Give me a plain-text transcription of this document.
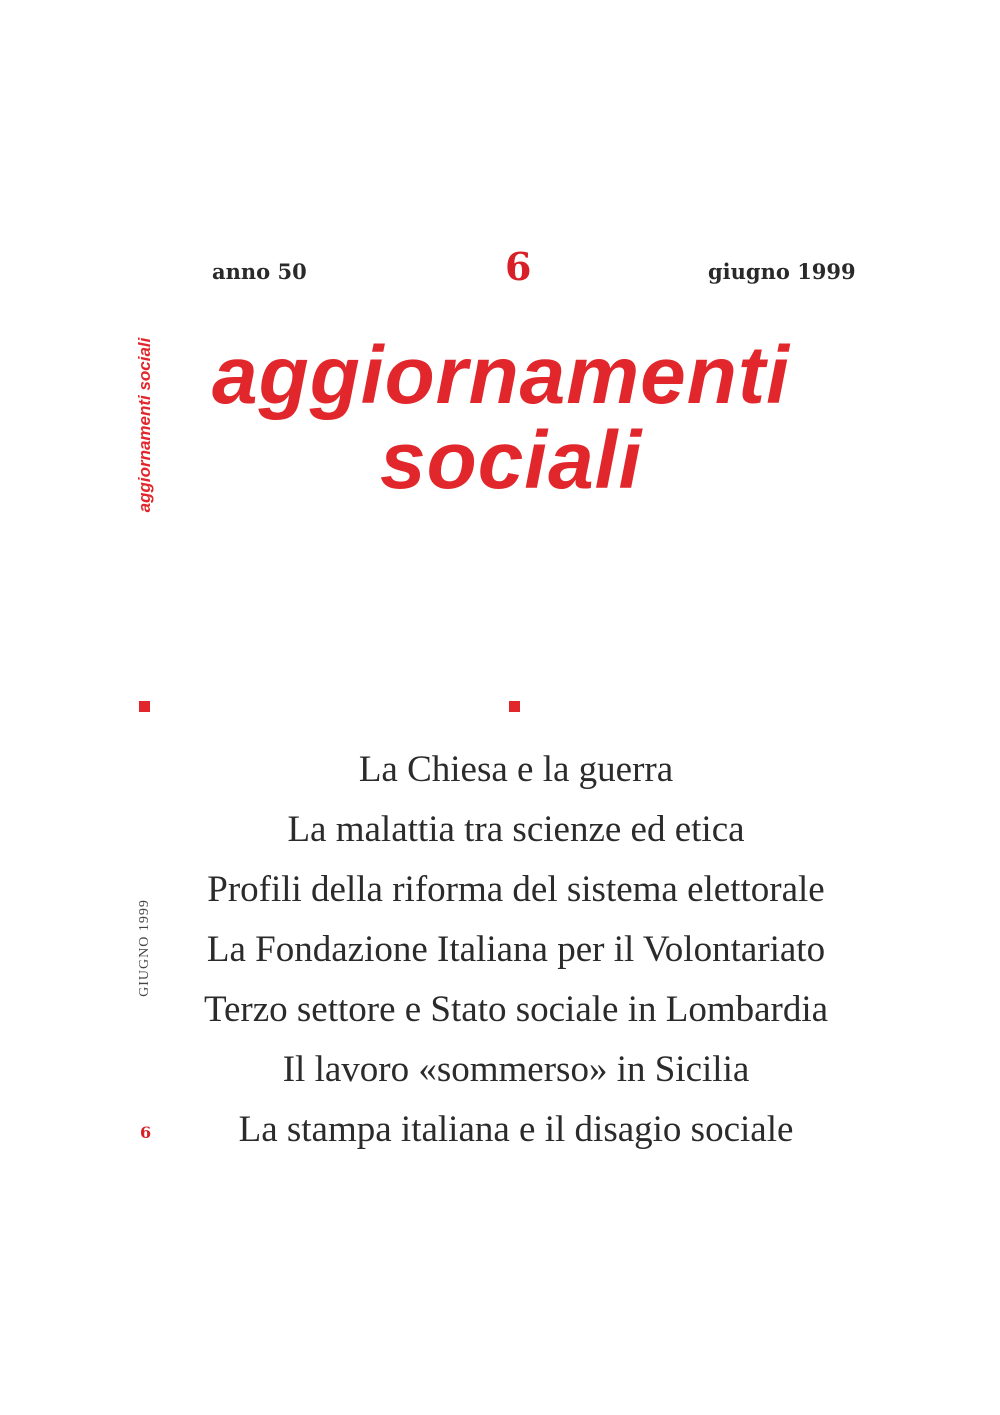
anno 50	6	giugno 1999
aggiornamenti sociali aggiornamenti
sociali
La Chiesa e la guerra
La malattia tra scienze ed etica
Profili della riforma del sistema elettorale
La Fondazione Italiana per il Volontariato
Terzo settore e Stato sociale in Lombardia
Il lavoro «sommerso» in Sicilia
La stampa italiana e il disagio sociale
GIUGNO 1999
6
